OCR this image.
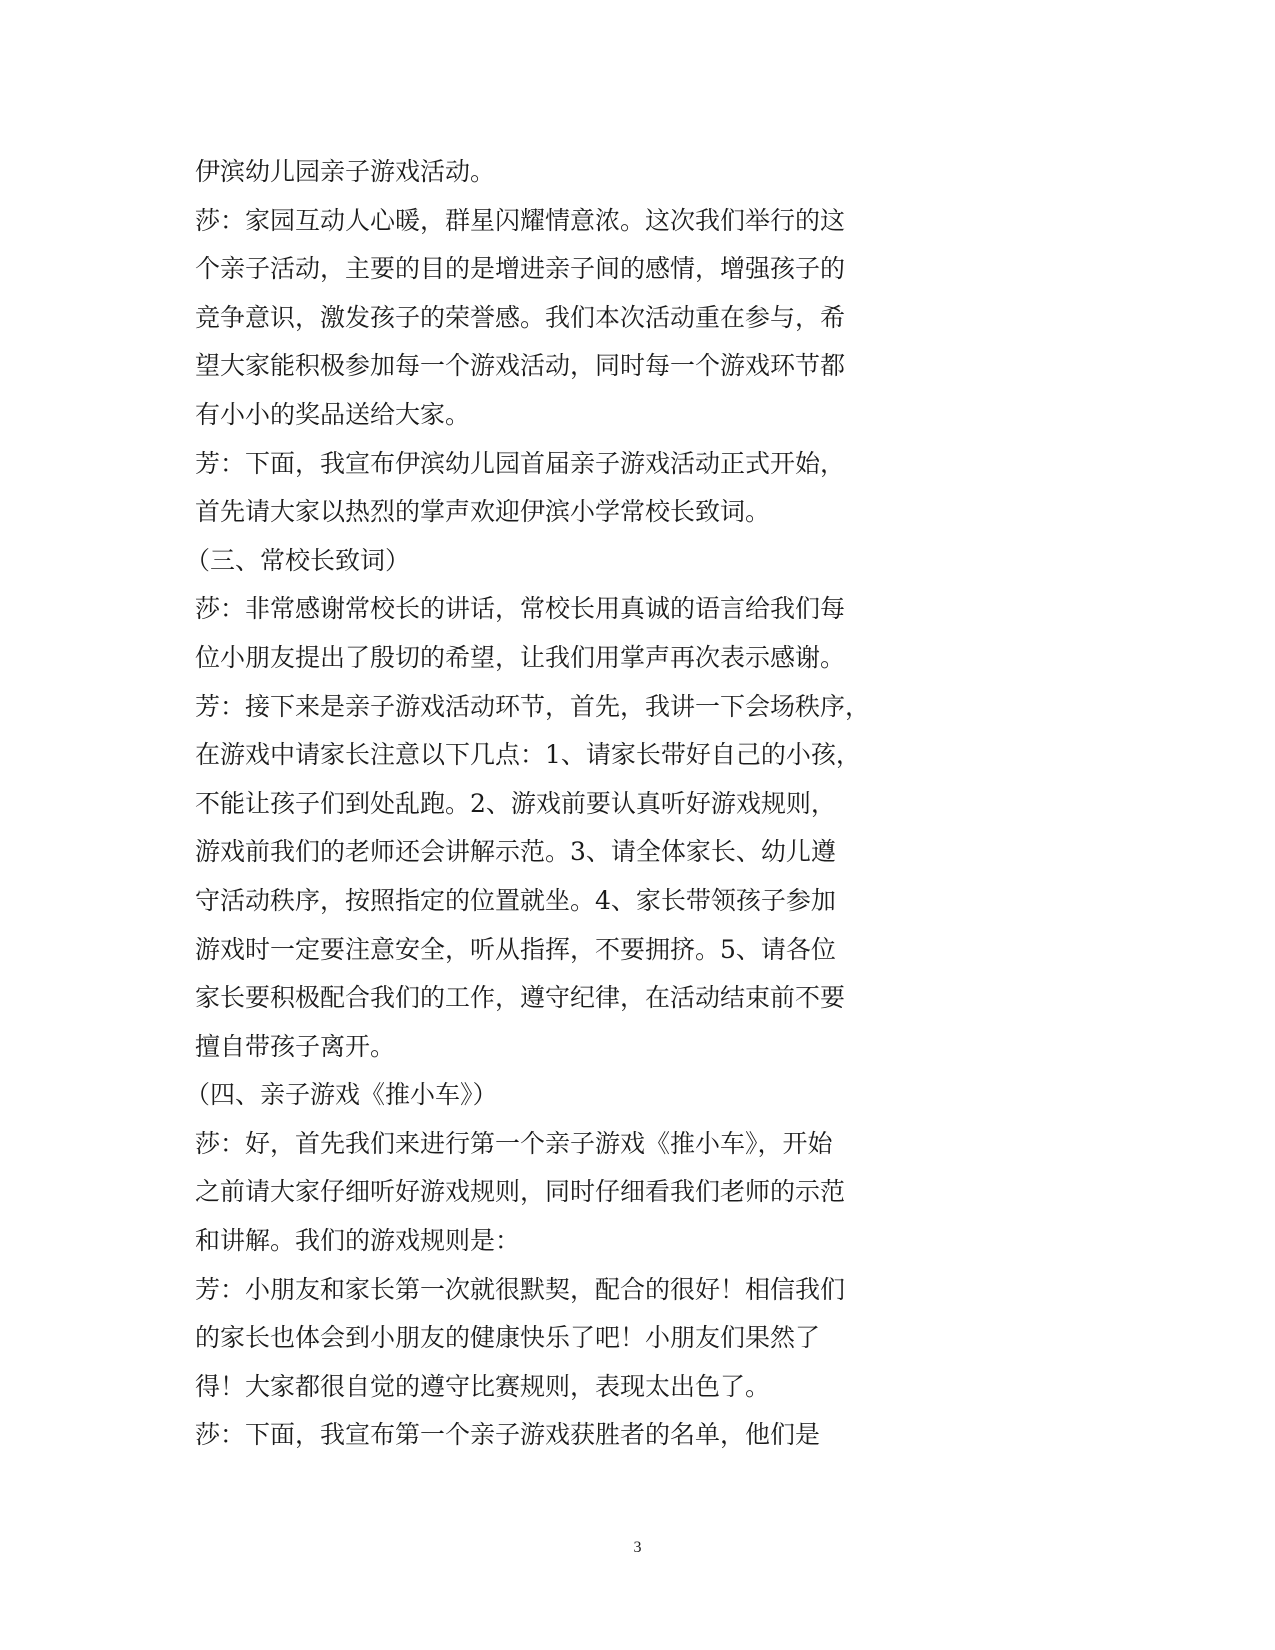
伊滨幼儿园亲子游戏活动。
莎：家园互动人心暖，群星闪耀情意浓。这次我们举行的这
个亲子活动，主要的目的是增进亲子间的感情，增强孩子的
竞争意识，激发孩子的荣誉感。我们本次活动重在参与，希
望大家能积极参加每一个游戏活动，同时每一个游戏环节都
有小小的奖品送给大家。
芳：下面，我宣布伊滨幼儿园首届亲子游戏活动正式开始，
首先请大家以热烈的掌声欢迎伊滨小学常校长致词。
（三、常校长致词）
莎：非常感谢常校长的讲话，常校长用真诚的语言给我们每
位小朋友提出了殷切的希望，让我们用掌声再次表示感谢。
芳：接下来是亲子游戏活动环节，首先，我讲一下会场秩序，
在游戏中请家长注意以下几点：1、请家长带好自己的小孩，
不能让孩子们到处乱跑。2、游戏前要认真听好游戏规则，
游戏前我们的老师还会讲解示范。3、请全体家长、幼儿遵
守活动秩序，按照指定的位置就坐。4、家长带领孩子参加
游戏时一定要注意安全，听从指挥，不要拥挤。5、请各位
家长要积极配合我们的工作，遵守纪律，在活动结束前不要
擅自带孩子离开。
（四、亲子游戏《推小车》）
莎：好，首先我们来进行第一个亲子游戏《推小车》，开始
之前请大家仔细听好游戏规则，同时仔细看我们老师的示范
和讲解。我们的游戏规则是：
芳：小朋友和家长第一次就很默契，配合的很好！相信我们
的家长也体会到小朋友的健康快乐了吧！小朋友们果然了
得！大家都很自觉的遵守比赛规则，表现太出色了。
莎：下面，我宣布第一个亲子游戏获胜者的名单，他们是
3
